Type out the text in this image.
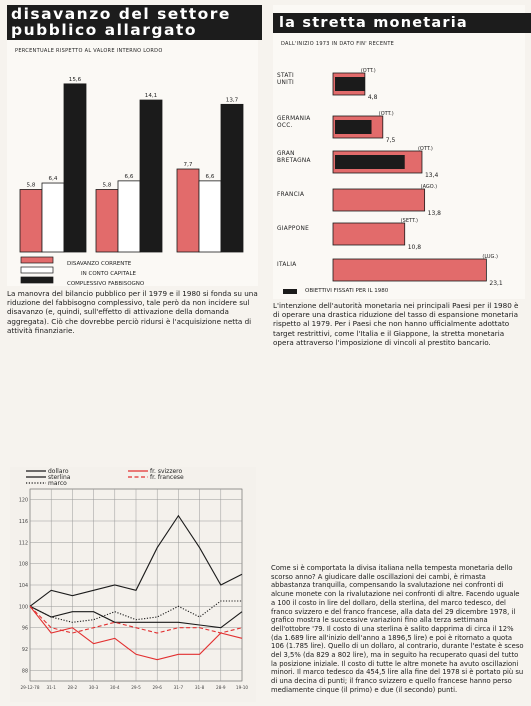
disavanzo del settore
pubblico allargato
PERCENTUALE RISPETTO AL VALORE INTERNO LORDO
5,8
6,4
15,6
5,8
6,6
14,1
7,7
6,6
13,7
DISAVANZO CORRENTE
IN CONTO CAPITALE
COMPLESSIVO FABBISOGNO
La manovra del bilancio pubblico per il 1979 e il 1980 si fonda su una riduzione del fabbisogno complessivo, tale però da non incidere sul disavanzo (e, quindi, sull'effetto di attivazione della domanda aggregata). Ciò che dovrebbe perciò ridursi è l'acquisizione netta di attività finanziarie.
la stretta monetaria
DALL'INIZIO 1973 IN DATO FIN' RECENTE
STATI
UNITI
(OTT.)
4,8
GERMANIA
OCC.
(OTT.)
7,5
GRAN
BRETAGNA
(OTT.)
13,4
FRANCIA
(AGO.)
13,8
GIAPPONE
(SETT.)
10,8
ITALIA
(LUG.)
23,1
OBIETTIVI FISSATI PER IL 1980
L'intenzione dell'autorità monetaria nei principali Paesi per il 1980 è di operare una drastica riduzione del tasso di espansione monetaria rispetto al 1979. Per i Paesi che non hanno ufficialmente adottato target restrittivi, come l'Italia e il Giappone, la stretta monetaria opera attraverso l'imposizione di vincoli al prestito bancario.
88
92
96
100
104
108
112
116
120
29-12-78 31-1	28-2	30-3	30-4	29-5	29-6	31-7	31-8	28-9 19-10
dollaro
sterlina
marco
fr. svizzero
fr. francese
Come si è comportata la divisa italiana nella tempesta monetaria dello scorso anno? A giudicare dalle oscillazioni dei cambi, è rimasta abbastanza tranquilla, compensando la svalutazione nei confronti di alcune monete con la rivalutazione nei confronti di altre. Facendo uguale a 100 il costo in lire del dollaro, della sterlina, del marco tedesco, del franco svizzero e del franco francese, alla data del 29 dicembre 1978, il grafico mostra le successive variazioni fino alla terza settimana dell'ottobre '79. Il costo di una sterlina è salito dapprima di circa il 12% (da 1.689 lire all'inizio dell'anno a 1896,5 lire) e poi è ritornato a quota 106 (1.785 lire). Quello di un dollaro, al contrario, durante l'estate è sceso del 3,5% (da 829 a 802 lire), ma in seguito ha recuperato quasi del tutto la posizione iniziale. Il costo di tutte le altre monete ha avuto oscillazioni minori. Il marco tedesco da 454,5 lire alla fine del 1978 si è portato più su di una decina di punti; il franco svizzero e quello francese hanno perso mediamente cinque (il primo) e due (il secondo) punti.
